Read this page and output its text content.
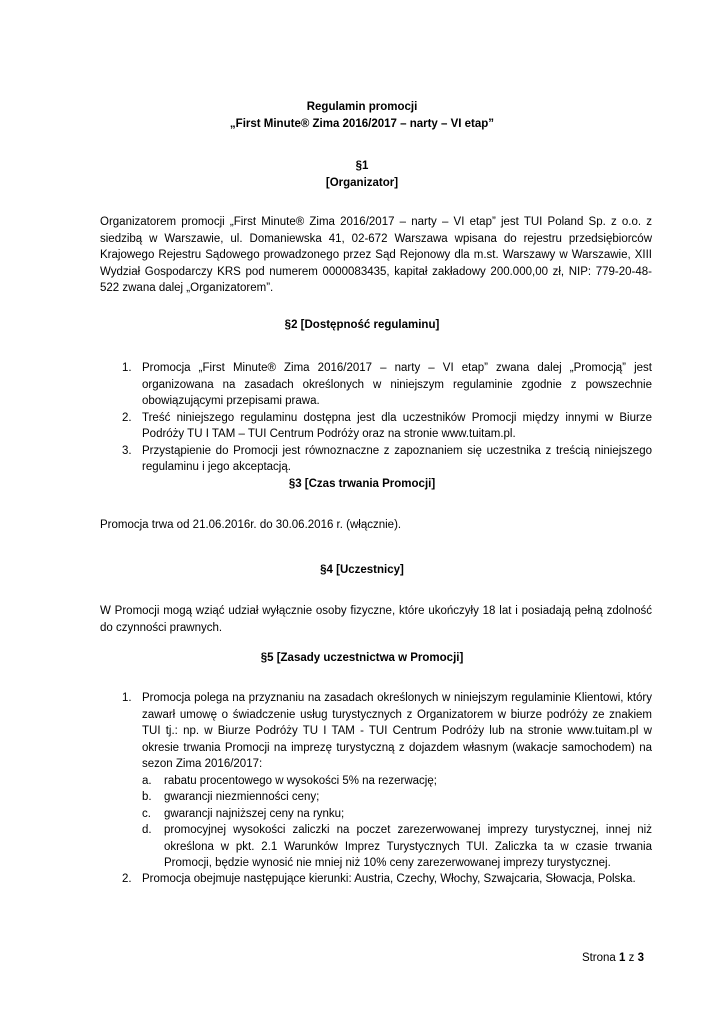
Regulamin promocji
„First Minute® Zima 2016/2017 – narty – VI etap”
§1
[Organizator]
Organizatorem promocji „First Minute® Zima 2016/2017 – narty – VI etap” jest TUI Poland Sp. z o.o. z siedzibą w Warszawie, ul. Domaniewska 41, 02-672 Warszawa wpisana do rejestru przedsiębiorców Krajowego Rejestru Sądowego prowadzonego przez Sąd Rejonowy dla m.st. Warszawy w Warszawie, XIII Wydział Gospodarczy KRS pod numerem 0000083435, kapitał zakładowy 200.000,00 zł, NIP: 779-20-48-522 zwana dalej „Organizatorem”.
§2 [Dostępność regulaminu]
1. Promocja „First Minute® Zima 2016/2017 – narty – VI etap” zwana dalej „Promocją” jest organizowana na zasadach określonych w niniejszym regulaminie zgodnie z powszechnie obowiązującymi przepisami prawa.
2. Treść niniejszego regulaminu dostępna jest dla uczestników Promocji między innymi w Biurze Podróży TU I TAM – TUI Centrum Podróży oraz na stronie www.tuitam.pl.
3. Przystąpienie do Promocji jest równoznaczne z zapoznaniem się uczestnika z treścią niniejszego regulaminu i jego akceptacją.
§3 [Czas trwania Promocji]
Promocja trwa od 21.06.2016r. do 30.06.2016 r. (włącznie).
§4 [Uczestnicy]
W Promocji mogą wziąć udział wyłącznie osoby fizyczne, które ukończyły 18 lat i posiadają pełną zdolność do czynności prawnych.
§5 [Zasady uczestnictwa w Promocji]
1. Promocja polega na przyznaniu na zasadach określonych w niniejszym regulaminie Klientowi, który zawarł umowę o świadczenie usług turystycznych z Organizatorem w biurze podróży ze znakiem TUI tj.: np. w Biurze Podróży TU I TAM - TUI Centrum Podróży lub na stronie www.tuitam.pl w okresie trwania Promocji na imprezę turystyczną z dojazdem własnym (wakacje samochodem) na sezon Zima 2016/2017:
a. rabatu procentowego w wysokości 5% na rezerwację;
b. gwarancji niezmienności ceny;
c. gwarancji najniższej ceny na rynku;
d. promocyjnej wysokości zaliczki na poczet zarezerwowanej imprezy turystycznej, innej niż określona w pkt. 2.1 Warunków Imprez Turystycznych TUI. Zaliczka ta w czasie trwania Promocji, będzie wynosić nie mniej niż 10% ceny zarezerwowanej imprezy turystycznej.
2. Promocja obejmuje następujące kierunki: Austria, Czechy, Włochy, Szwajcaria, Słowacja, Polska.
Strona 1 z 3
